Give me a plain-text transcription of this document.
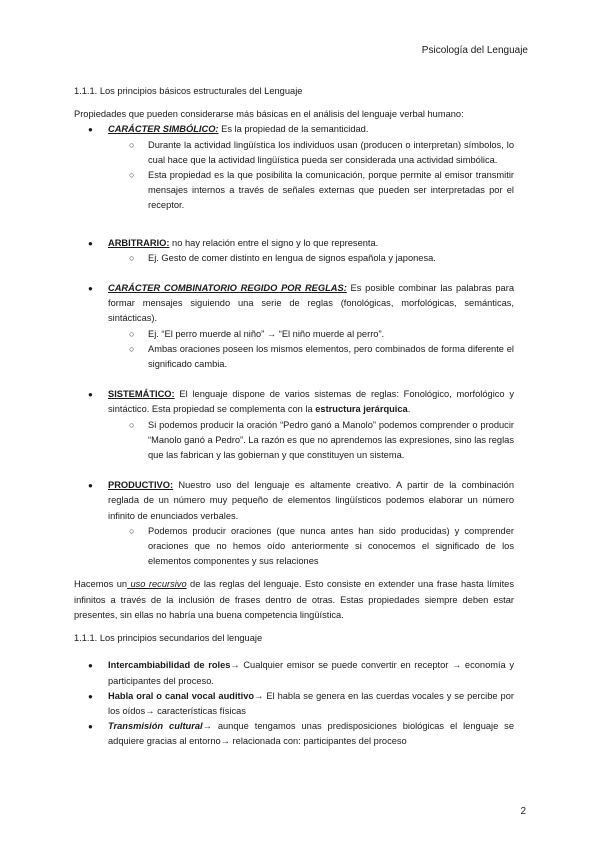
Psicología del Lenguaje

1.1.1. Los principios básicos estructurales del Lenguaje

Propiedades que pueden considerarse más básicas en el análisis del lenguaje verbal humano:

● CARÁCTER SIMBÓLICO: Es la propiedad de la semanticidad.
○ Durante la actividad lingüística los individuos usan (producen o interpretan) símbolos, lo cual hace que la actividad lingüística pueda ser considerada una actividad simbólica.
○ Esta propiedad es la que posibilita la comunicación, porque permite al emisor transmitir mensajes internos a través de señales externas que pueden ser interpretadas por el receptor.
● ARBITRARIO: no hay relación entre el signo y lo que representa.
○ Ej. Gesto de comer distinto en lengua de signos española y japonesa.
● CARÁCTER COMBINATORIO REGIDO POR REGLAS: Es posible combinar las palabras para formar mensajes siguiendo una serie de reglas (fonológicas, morfológicas, semánticas, sintácticas).
○ Ej. “El perro muerde al niño” → “El niño muerde al perro”.
○ Ambas oraciones poseen los mismos elementos, pero combinados de forma diferente el significado cambia.
● SISTEMÁTICO: El lenguaje dispone de varios sistemas de reglas: Fonológico, morfológico y sintáctico. Esta propiedad se complementa con la estructura jerárquica.
○ Si podemos producir la oración “Pedro ganó a Manolo” podemos comprender o producir “Manolo ganó a Pedro”. La razón es que no aprendemos las expresiones, sino las reglas que las fabrican y las gobiernan y que constituyen un sistema.
● PRODUCTIVO: Nuestro uso del lenguaje es altamente creativo. A partir de la combinación reglada de un número muy pequeño de elementos lingüísticos podemos elaborar un número infinito de enunciados verbales.
○ Podemos producir oraciones (que nunca antes han sido producidas) y comprender oraciones que no hemos oído anteriormente si conocemos el significado de los elementos componentes y sus relaciones

Hacemos un uso recursivo de las reglas del lenguaje. Esto consiste en extender una frase hasta límites infinitos a través de la inclusión de frases dentro de otras. Estas propiedades siempre deben estar presentes, sin ellas no habría una buena competencia lingüística.

1.1.1. Los principios secundarios del lenguaje

● Intercambiabilidad de roles→ Cualquier emisor se puede convertir en receptor → economía y participantes del proceso.
● Habla oral o canal vocal auditivo→ El habla se genera en las cuerdas vocales y se percibe por los oídos→ características físicas
● Transmisión cultural→ aunque tengamos unas predisposiciones biológicas el lenguaje se adquiere gracias al entorno→ relacionada con: participantes del proceso
2
